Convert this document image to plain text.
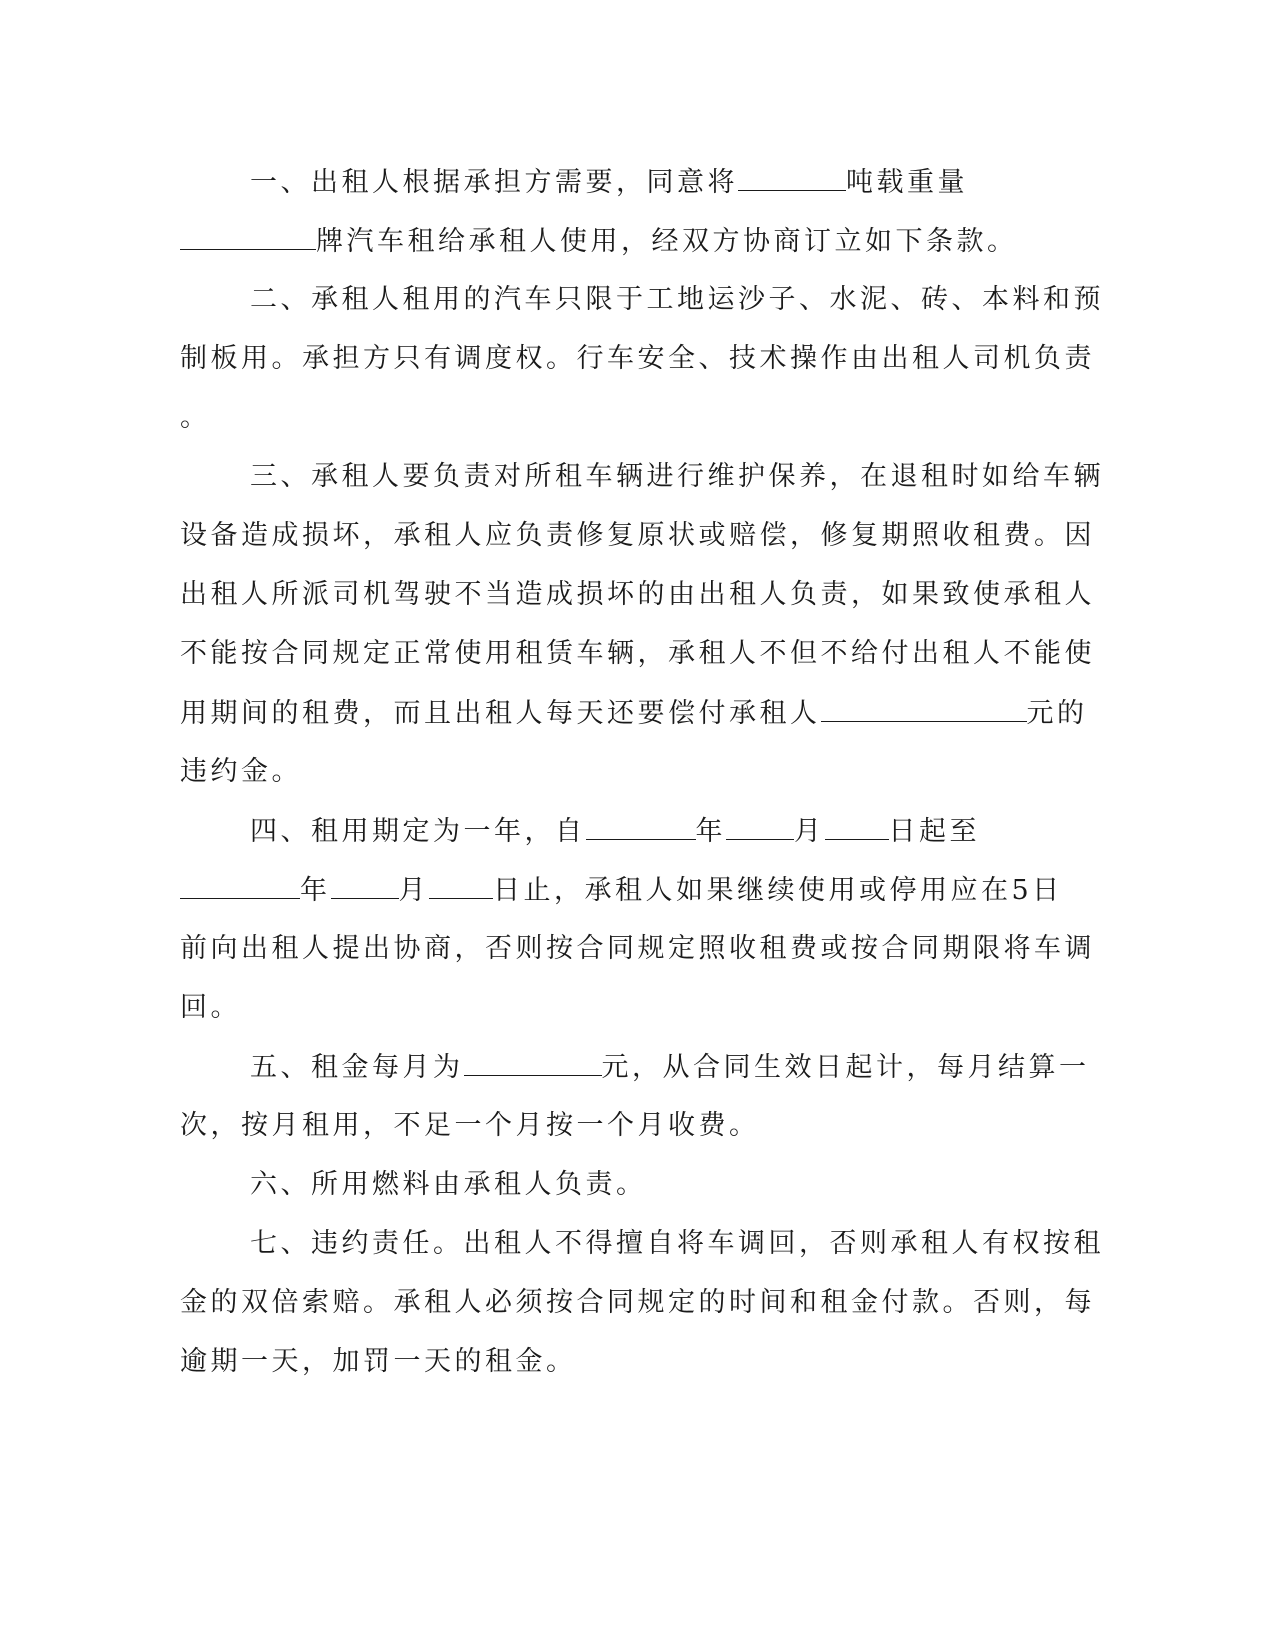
一、出租人根据承担方需要，同意将	吨载重量
牌汽车租给承租人使用，经双方协商订立如下条款。
二、承租人租用的汽车只限于工地运沙子、水泥、砖、本料和预
制板用。承担方只有调度权。行车安全、技术操作由出租人司机负责
。
三、承租人要负责对所租车辆进行维护保养，在退租时如给车辆
设备造成损坏，承租人应负责修复原状或赔偿，修复期照收租费。因
出租人所派司机驾驶不当造成损坏的由出租人负责，如果致使承租人
不能按合同规定正常使用租赁车辆，承租人不但不给付出租人不能使
用期间的租费，而且出租人每天还要偿付承租人	元的
违约金。
四、租用期定为一年，自	年	月 日起至
年	月 日止，承租人如果继续使用或停用应在5日
前向出租人提出协商，否则按合同规定照收租费或按合同期限将车调
回。
五、租金每月为	元，从合同生效日起计，每月结算一
次，按月租用，不足一个月按一个月收费。
六、所用燃料由承租人负责。
七、违约责任。出租人不得擅自将车调回，否则承租人有权按租
金的双倍索赔。承租人必须按合同规定的时间和租金付款。否则，每
逾期一天，加罚一天的租金。
